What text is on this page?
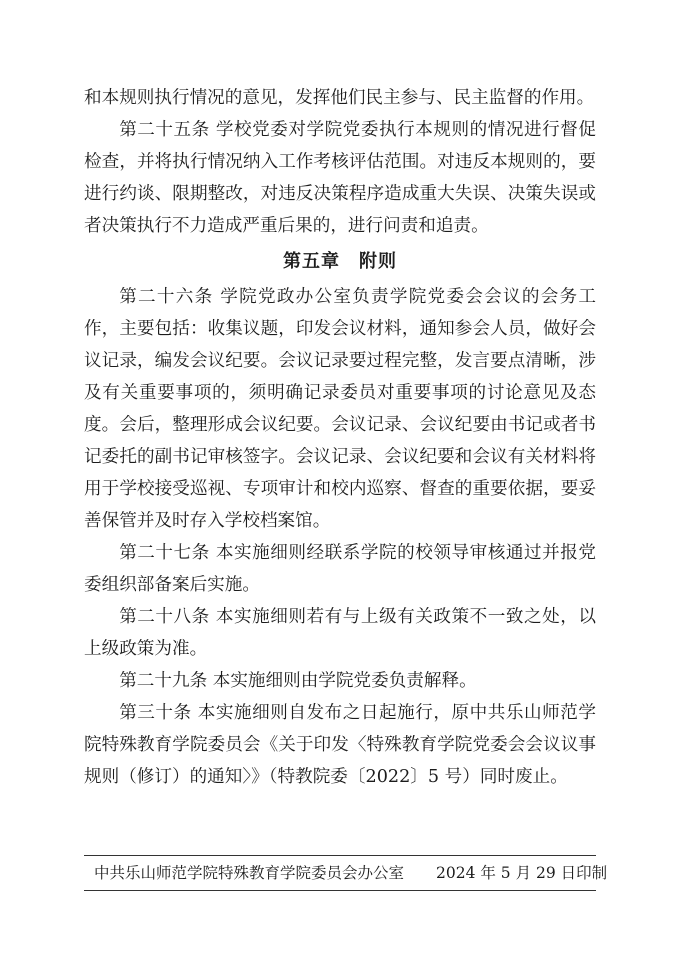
和本规则执行情况的意见，发挥他们民主参与、民主监督的作用。

第二十五条 学校党委对学院党委执行本规则的情况进行督促检查，并将执行情况纳入工作考核评估范围。对违反本规则的，要进行约谈、限期整改，对违反决策程序造成重大失误、决策失误或者决策执行不力造成严重后果的，进行问责和追责。

第五章　附则

第二十六条 学院党政办公室负责学院党委会会议的会务工作，主要包括：收集议题，印发会议材料，通知参会人员，做好会议记录，编发会议纪要。会议记录要过程完整，发言要点清晰，涉及有关重要事项的，须明确记录委员对重要事项的讨论意见及态度。会后，整理形成会议纪要。会议记录、会议纪要由书记或者书记委托的副书记审核签字。会议记录、会议纪要和会议有关材料将用于学校接受巡视、专项审计和校内巡察、督查的重要依据，要妥善保管并及时存入学校档案馆。

第二十七条 本实施细则经联系学院的校领导审核通过并报党委组织部备案后实施。

第二十八条 本实施细则若有与上级有关政策不一致之处，以上级政策为准。

第二十九条 本实施细则由学院党委负责解释。

第三十条 本实施细则自发布之日起施行，原中共乐山师范学院特殊教育学院委员会《关于印发〈特殊教育学院党委会会议议事规则（修订）的通知〉》（特教院委〔2022〕5 号）同时废止。

中共乐山师范学院特殊教育学院委员会办公室 2024 年 5 月 29 日印制
